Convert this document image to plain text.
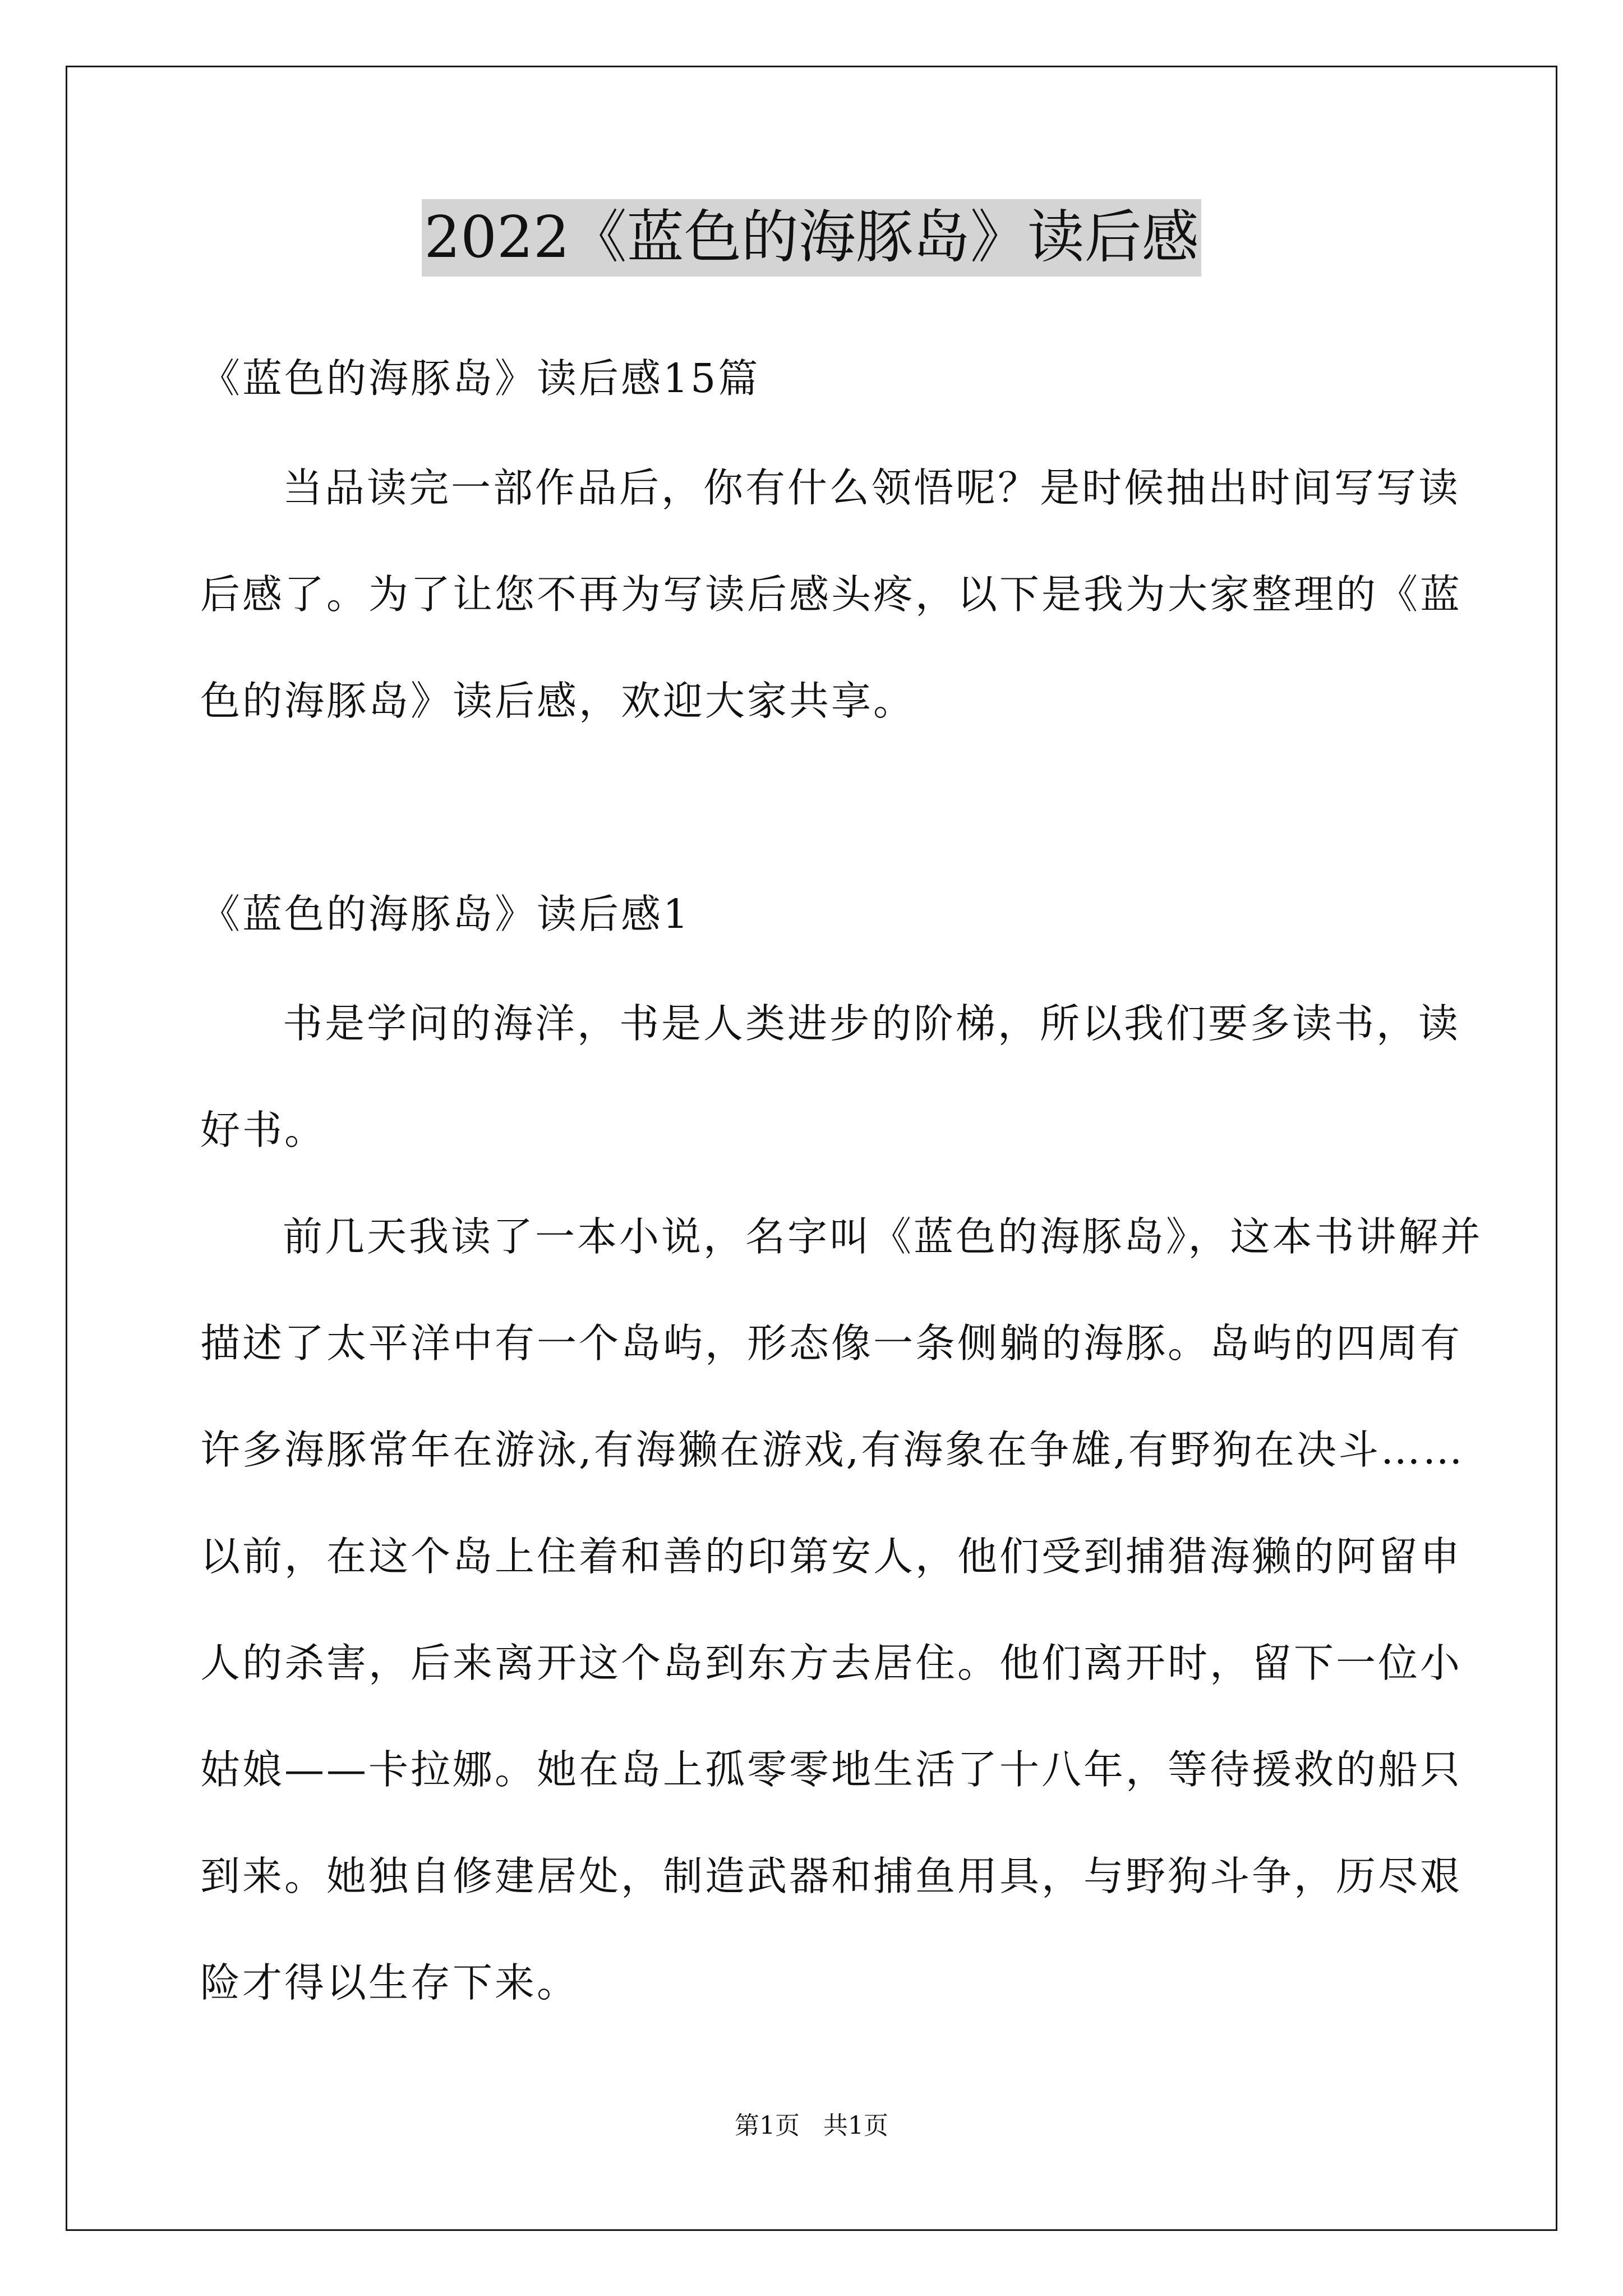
2022《蓝色的海豚岛》读后感
《蓝色的海豚岛》读后感15篇
当品读完一部作品后，你有什么领悟呢？是时候抽出时间写写读
后感了。为了让您不再为写读后感头疼，以下是我为大家整理的《蓝
色的海豚岛》读后感，欢迎大家共享。
《蓝色的海豚岛》读后感1
书是学问的海洋，书是人类进步的阶梯，所以我们要多读书，读
好书。
前几天我读了一本小说，名字叫《蓝色的海豚岛》，这本书讲解并
描述了太平洋中有一个岛屿，形态像一条侧躺的海豚。岛屿的四周有
许多海豚常年在游泳,有海獭在游戏,有海象在争雄,有野狗在决斗……
以前，在这个岛上住着和善的印第安人，他们受到捕猎海獭的阿留申
人的杀害，后来离开这个岛到东方去居住。他们离开时，留下一位小
姑娘——卡拉娜。她在岛上孤零零地生活了十八年，等待援救的船只
到来。她独自修建居处，制造武器和捕鱼用具，与野狗斗争，历尽艰
险才得以生存下来。
第1页   共1页
